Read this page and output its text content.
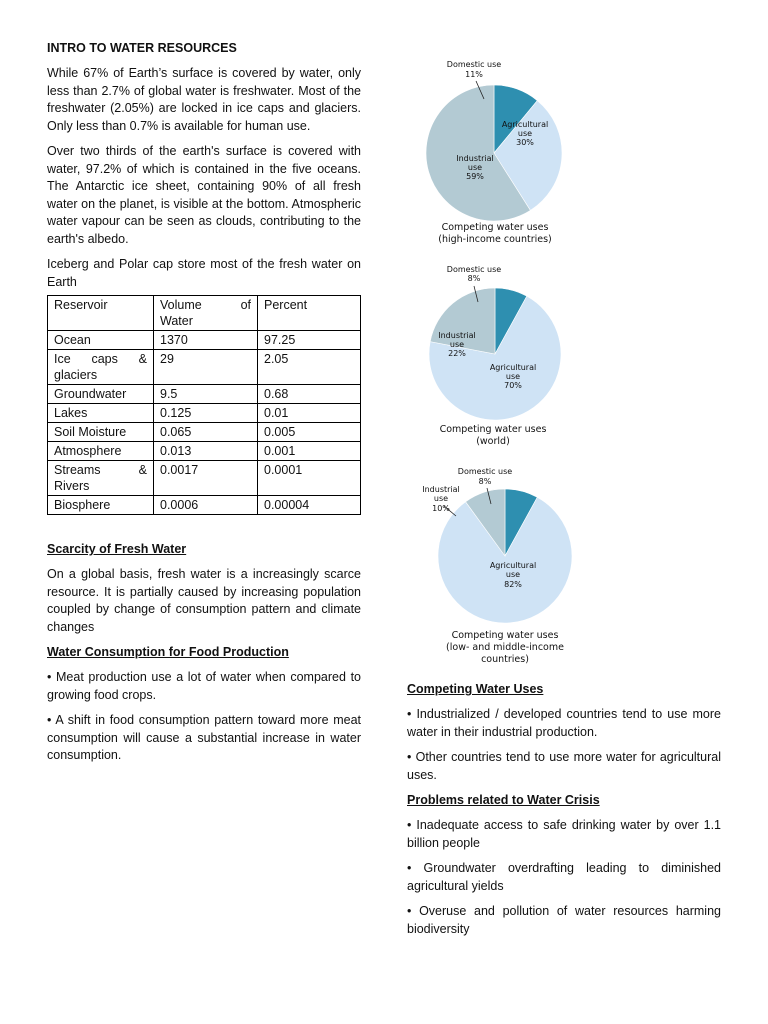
INTRO TO WATER RESOURCES

While 67% of Earth’s surface is covered by water, only less than 2.7% of global water is freshwater. Most of the freshwater (2.05%) are locked in ice caps and glaciers. Only less than 0.7% is available for human use.

Over two thirds of the earth's surface is covered with water, 97.2% of which is contained in the five oceans. The Antarctic ice sheet, containing 90% of all fresh water on the planet, is visible at the bottom. Atmospheric water vapour can be seen as clouds, contributing to the earth's albedo.

Iceberg and Polar cap store most of the fresh water on Earth

Reservoir	Volume of Water	Percent
Ocean	1370	97.25
Ice caps & glaciers	29	2.05
Groundwater	9.5	0.68
Lakes	0.125	0.01
Soil Moisture	0.065	0.005
Atmosphere	0.013	0.001
Streams & Rivers	0.0017	0.0001
Biosphere	0.0006	0.00004
Scarcity of Fresh Water

On a global basis, fresh water is a increasingly scarce resource. It is partially caused by increasing population coupled by change of consumption pattern and climate changes

Water Consumption for Food Production

• Meat production use a lot of water when compared to growing food crops.

• A shift in food consumption pattern toward more meat consumption will cause a substantial increase in water consumption.

Domestic use
11%
Agricultural
use
30%
Industrial
use
59%
Competing water uses
(high-income countries)
Domestic use
8%
Industrial
use
22%
Agricultural
use
70%
Competing water uses
(world)
Domestic use
8%
Industrial
use
10%
Agricultural
use
82%
Competing water uses
(low- and middle-income
countries)
Competing Water Uses

• Industrialized / developed countries tend to use more water in their industrial production.

• Other countries tend to use more water for agricultural uses.

Problems related to Water Crisis

• Inadequate access to safe drinking water by over 1.1 billion people

• Groundwater overdrafting leading to diminished agricultural yields

• Overuse and pollution of water resources harming biodiversity
